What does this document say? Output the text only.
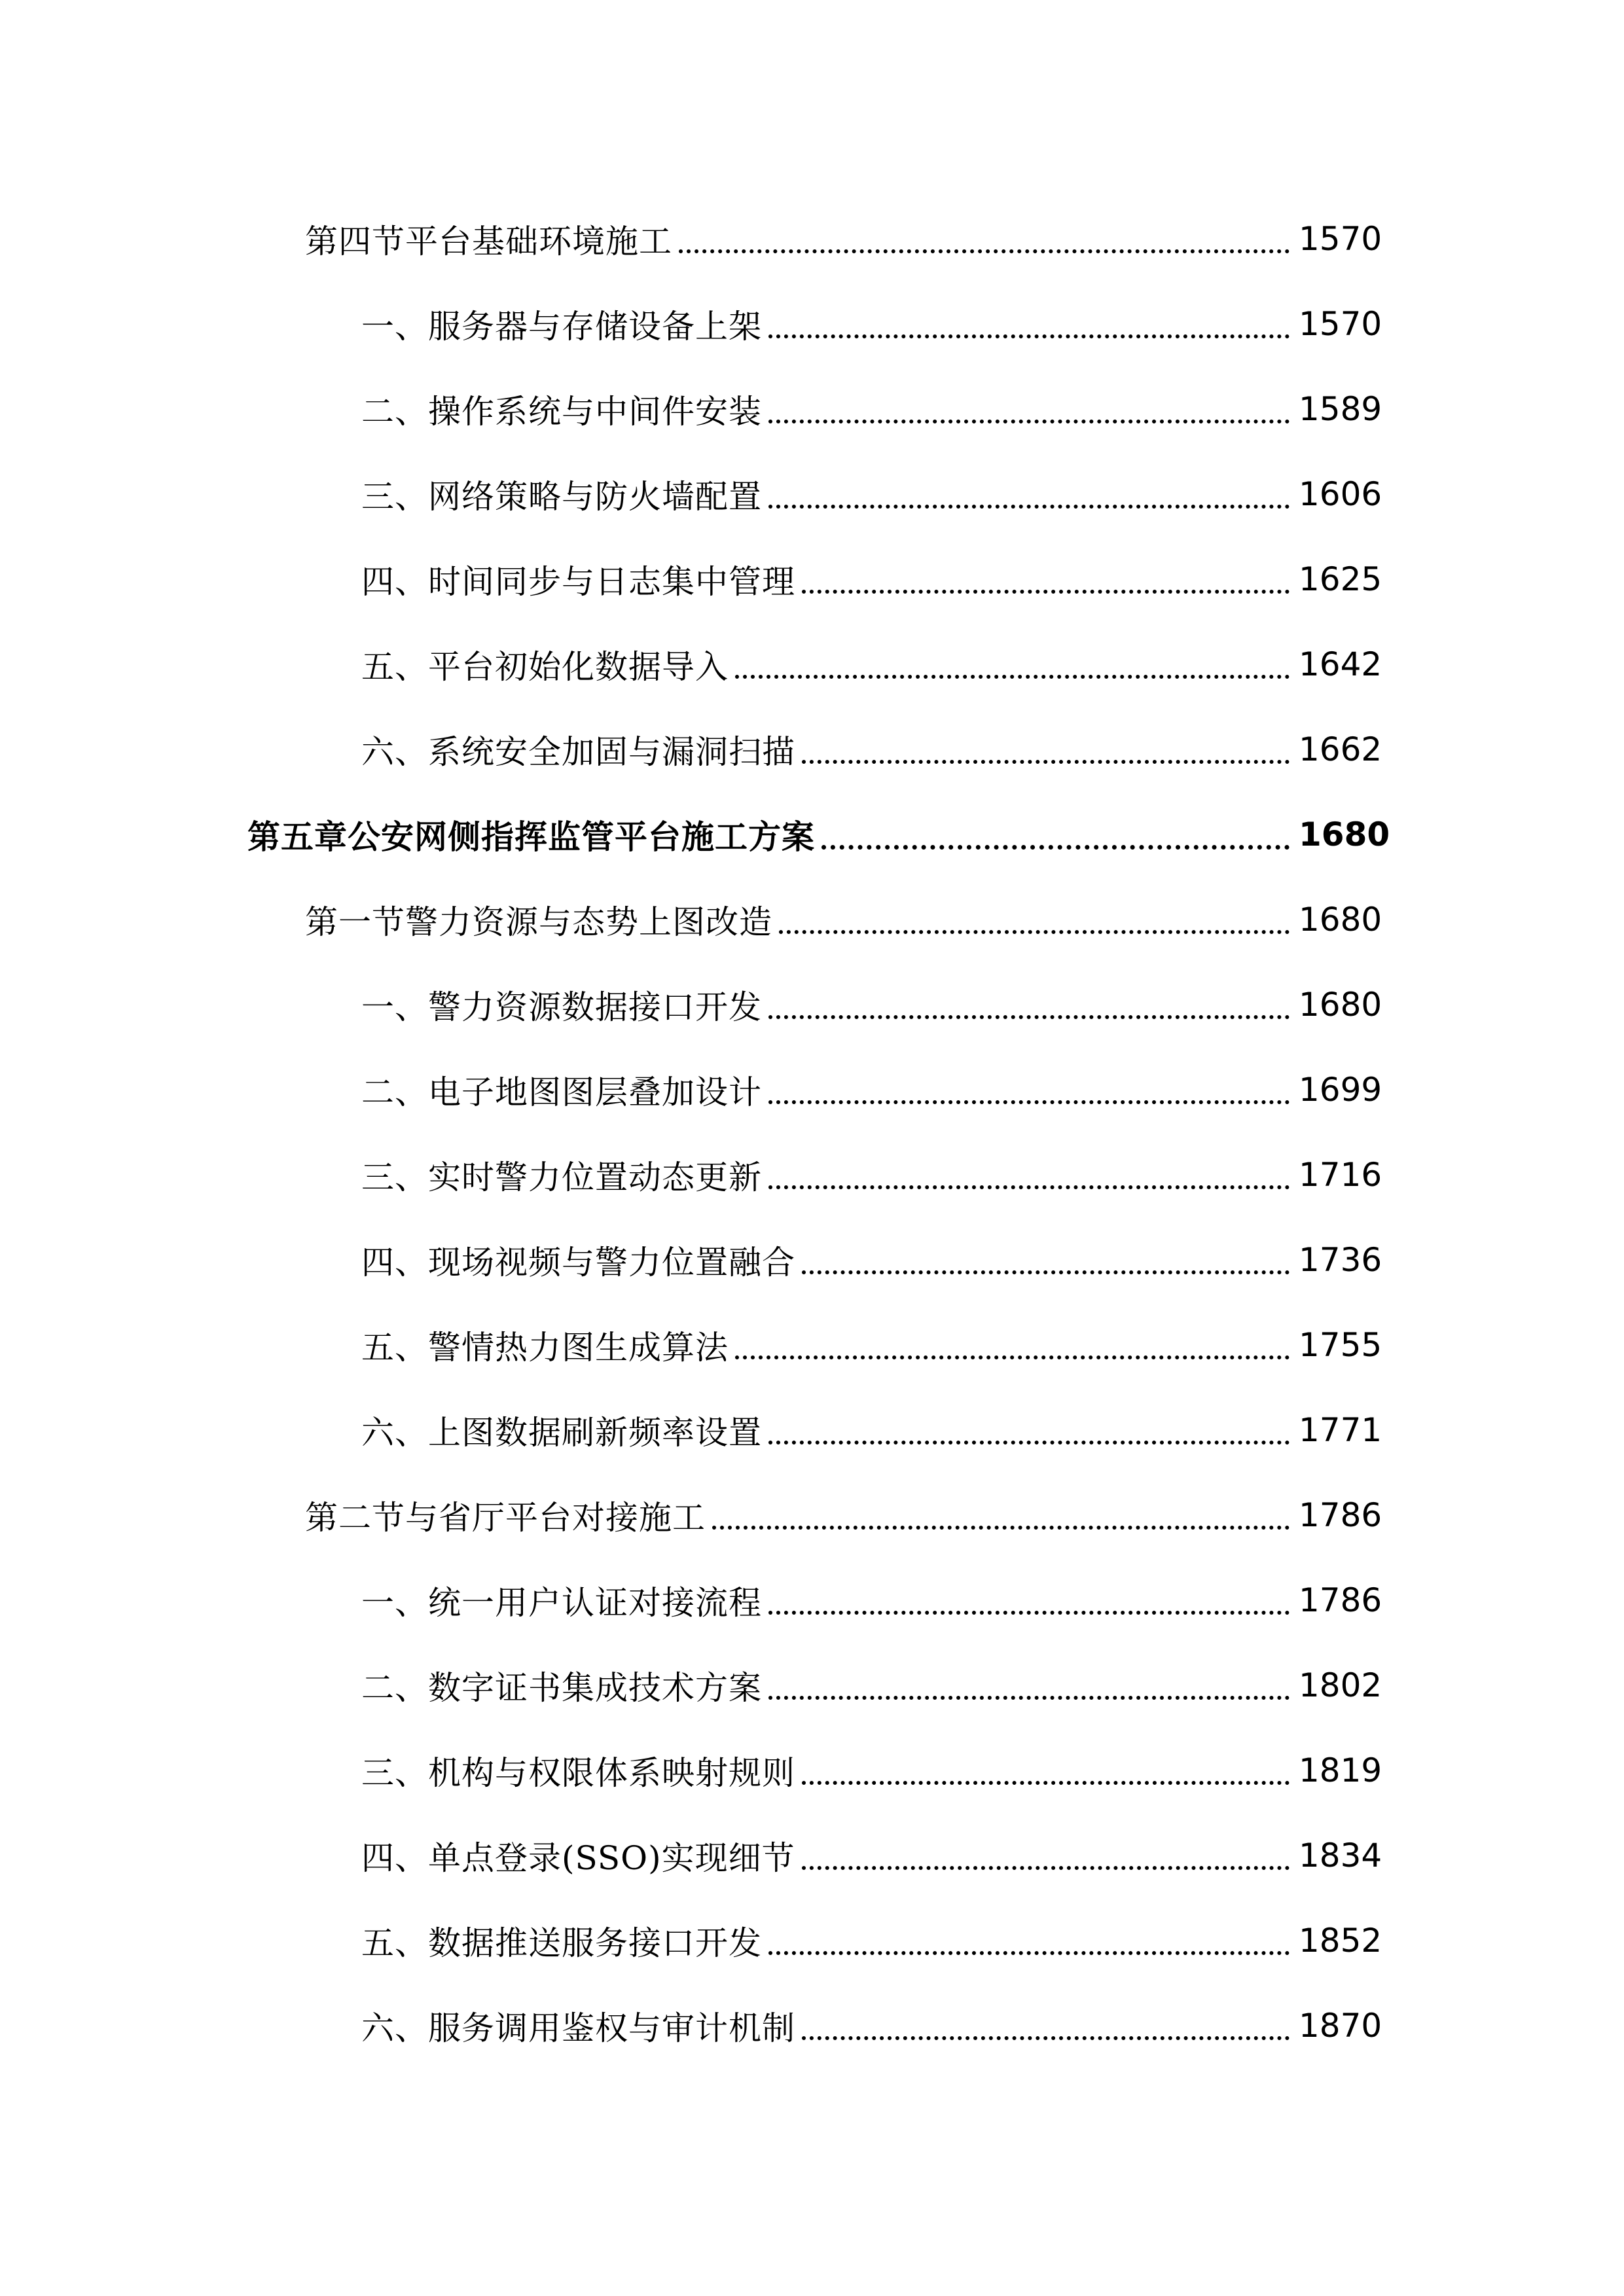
第四节平台基础环境施工	1570
一、服务器与存储设备上架	1570
二、操作系统与中间件安装	1589
三、网络策略与防火墙配置	1606
四、时间同步与日志集中管理	1625
五、平台初始化数据导入	1642
六、系统安全加固与漏洞扫描	1662
第五章公安网侧指挥监管平台施工方案	1680
第一节警力资源与态势上图改造	1680
一、警力资源数据接口开发	1680
二、电子地图图层叠加设计	1699
三、实时警力位置动态更新	1716
四、现场视频与警力位置融合	1736
五、警情热力图生成算法	1755
六、上图数据刷新频率设置	1771
第二节与省厅平台对接施工	1786
一、统一用户认证对接流程	1786
二、数字证书集成技术方案	1802
三、机构与权限体系映射规则	1819
四、单点登录(SSO)实现细节	1834
五、数据推送服务接口开发	1852
六、服务调用鉴权与审计机制	1870
